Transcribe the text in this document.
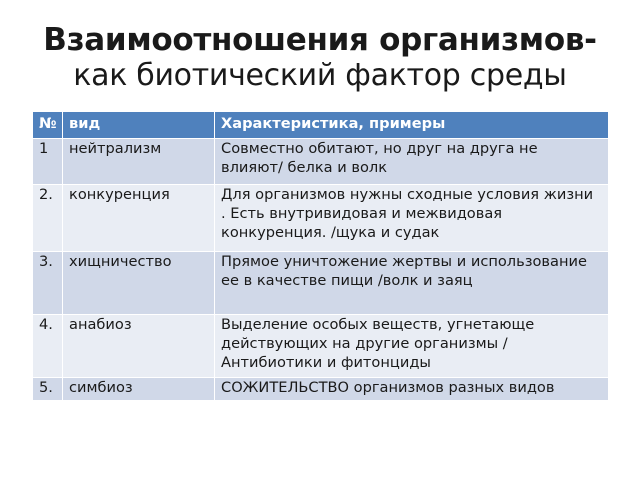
Взаимоотношения организмов-
как биотический фактор среды
№	вид	Характеристика, примеры
1	нейтрализм	Совместно обитают, но друг на друга не влияют/ белка и волк
2.	конкуренция	Для организмов нужны сходные условия жизни . Есть внутривидовая и межвидовая конкуренция. /щука и судак
3.	хищничество	Прямое уничтожение жертвы и использование ее в качестве пищи /волк и заяц
4.	анабиоз	Выделение особых веществ, угнетающе действующих на другие организмы / Антибиотики и фитонциды
5.	симбиоз	СОЖИТЕЛЬСТВО организмов разных видов
